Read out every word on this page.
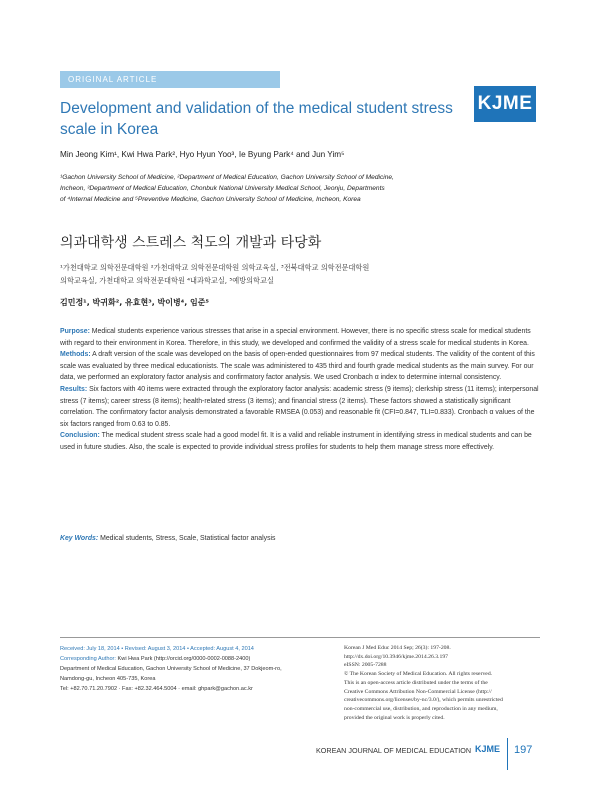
ORIGINAL ARTICLE
KJME
Development and validation of the medical student stress scale in Korea
Min Jeong Kim¹, Kwi Hwa Park², Hyo Hyun Yoo³, Ie Byung Park⁴ and Jun Yim⁵
¹Gachon University School of Medicine, ²Department of Medical Education, Gachon University School of Medicine,
Incheon, ³Department of Medical Education, Chonbuk National University Medical School, Jeonju, Departments
of ⁴Internal Medicine and ⁵Preventive Medicine, Gachon University School of Medicine, Incheon, Korea
의과대학생 스트레스 척도의 개발과 타당화
¹가천대학교 의학전문대학원 ²가천대학교 의학전문대학원 의학교육실, ³전북대학교 의학전문대학원
의학교육실, 가천대학교 의학전문대학원 ⁴내과학교실, ⁵예방의학교실
김민정¹, 박귀화², 유효현³, 박이병⁴, 임준⁵

Purpose: Medical students experience various stresses that arise in a special environment. However, there is no specific stress scale for medical students with regard to their environment in Korea. Therefore, in this study, we developed and confirmed the validity of a stress scale for medical students in Korea.

Methods: A draft version of the scale was developed on the basis of open-ended questionnaires from 97 medical students. The validity of the content of this scale was evaluated by three medical educationists. The scale was administered to 435 third and fourth grade medical students as the main survey. For our data, we performed an exploratory factor analysis and confirmatory factor analysis. We used Cronbach α index to determine internal consistency.

Results: Six factors with 40 items were extracted through the exploratory factor analysis: academic stress (9 items); clerkship stress (11 items); interpersonal stress (7 items); career stress (8 items); health-related stress (3 items); and financial stress (2 items). These factors showed a statistically significant correlation. The confirmatory factor analysis demonstrated a favorable RMSEA (0.053) and reasonable fit (CFI=0.847, TLI=0.833). Cronbach α values of the six factors ranged from 0.63 to 0.85.

Conclusion: The medical student stress scale had a good model fit. It is a valid and reliable instrument in identifying stress in medical students and can be used in future studies. Also, the scale is expected to provide individual stress profiles for students to help them manage stress more effectively.

Key Words: Medical students, Stress, Scale, Statistical factor analysis
Received: July 18, 2014 • Revised: August 3, 2014 • Accepted: August 4, 2014
Corresponding Author: Kwi Hwa Park (http://orcid.org/0000-0002-0088-2400)
Department of Medical Education, Gachon University School of Medicine, 37 Dokjeom-ro,
Namdong-gu, Incheon 405-735, Korea
Tel: +82.70.71.20.7902 · Fax: +82.32.464.5004 · email: ghpark@gachon.ac.kr

Korean J Med Educ 2014 Sep; 26(3): 197-208.

http://dx.doi.org/10.3946/kjme.2014.26.3.197

eISSN: 2005-7288

© The Korean Society of Medical Education. All rights reserved.

This is an open-access article distributed under the terms of the

Creative Commons Attribution Non-Commercial License (http://

creativecommons.org/licenses/by-nc/3.0/), which permits unrestricted

non-commercial use, distribution, and reproduction in any medium,

provided the original work is properly cited.

KOREAN JOURNAL OF MEDICAL EDUCATION KJME 197
